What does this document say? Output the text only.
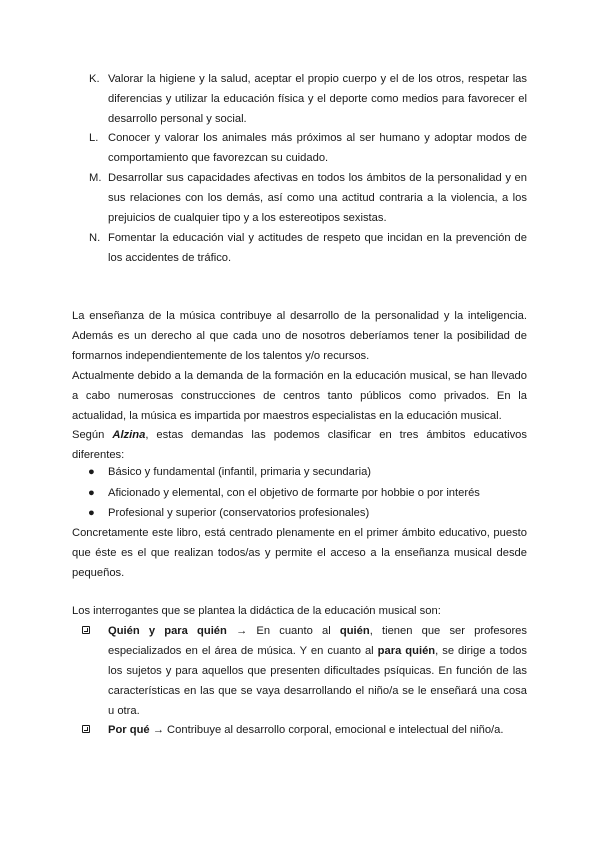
K. Valorar la higiene y la salud, aceptar el propio cuerpo y el de los otros, respetar las diferencias y utilizar la educación física y el deporte como medios para favorecer el desarrollo personal y social.
L. Conocer y valorar los animales más próximos al ser humano y adoptar modos de comportamiento que favorezcan su cuidado.
M. Desarrollar sus capacidades afectivas en todos los ámbitos de la personalidad y en sus relaciones con los demás, así como una actitud contraria a la violencia, a los prejuicios de cualquier tipo y a los estereotipos sexistas.
N. Fomentar la educación vial y actitudes de respeto que incidan en la prevención de los accidentes de tráfico.

La enseñanza de la música contribuye al desarrollo de la personalidad y la inteligencia. Además es un derecho al que cada uno de nosotros deberíamos tener la posibilidad de formarnos independientemente de los talentos y/o recursos.

Actualmente debido a la demanda de la formación en la educación musical, se han llevado a cabo numerosas construcciones de centros tanto públicos como privados. En la actualidad, la música es impartida por maestros especialistas en la educación musical.

Según Alzina, estas demandas las podemos clasificar en tres ámbitos educativos diferentes:

● Básico y fundamental (infantil, primaria y secundaria)
● Aficionado y elemental, con el objetivo de formarte por hobbie o por interés
● Profesional y superior (conservatorios profesionales)

Concretamente este libro, está centrado plenamente en el primer ámbito educativo, puesto que éste es el que realizan todos/as y permite el acceso a la enseñanza musical desde pequeños.

Los interrogantes que se plantea la didáctica de la educación musical son:

Quién y para quién → En cuanto al quién, tienen que ser profesores especializados en el área de música. Y en cuanto al para quién, se dirige a todos los sujetos y para aquellos que presenten dificultades psíquicas. En función de las características en las que se vaya desarrollando el niño/a se le enseñará una cosa u otra.
Por qué → Contribuye al desarrollo corporal, emocional e intelectual del niño/a.
